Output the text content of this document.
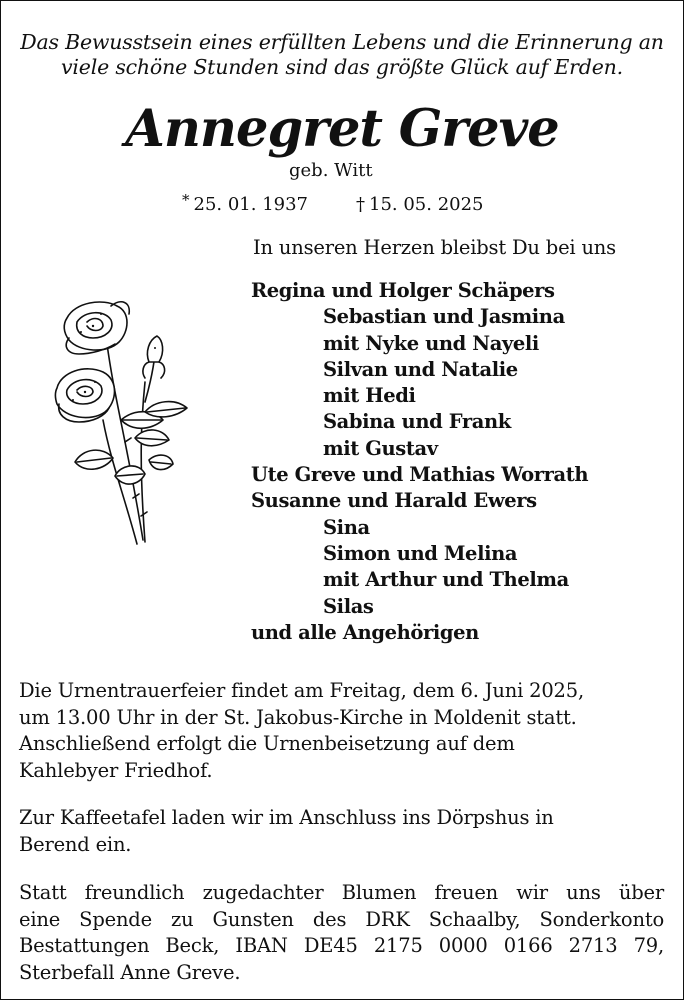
Das Bewusstsein eines erfüllten Lebens und die Erinnerung an
viele schöne Stunden sind das größte Glück auf Erden.
Annegret Greve
geb. Witt
* 25. 01. 1937	† 15. 05. 2025
In unseren Herzen bleibst Du bei uns
Regina und Holger Schäpers
Sebastian und Jasmina
mit Nyke und Nayeli
Silvan und Natalie
mit Hedi
Sabina und Frank
mit Gustav
Ute Greve und Mathias Worrath
Susanne und Harald Ewers
Sina
Simon und Melina
mit Arthur und Thelma
Silas
und alle Angehörigen
Die Urnentrauerfeier findet am Freitag, dem 6. Juni 2025,
um 13.00 Uhr in der St. Jakobus-Kirche in Moldenit statt.
Anschließend erfolgt die Urnenbeisetzung auf dem
Kahlebyer Friedhof.
Zur Kaffeetafel laden wir im Anschluss ins Dörpshus in
Berend ein.
Statt freundlich zugedachter Blumen freuen wir uns über
eine Spende zu Gunsten des DRK Schaalby, Sonderkonto
Bestattungen Beck, IBAN DE45 2175 0000 0166 2713 79,
Sterbefall Anne Greve.
